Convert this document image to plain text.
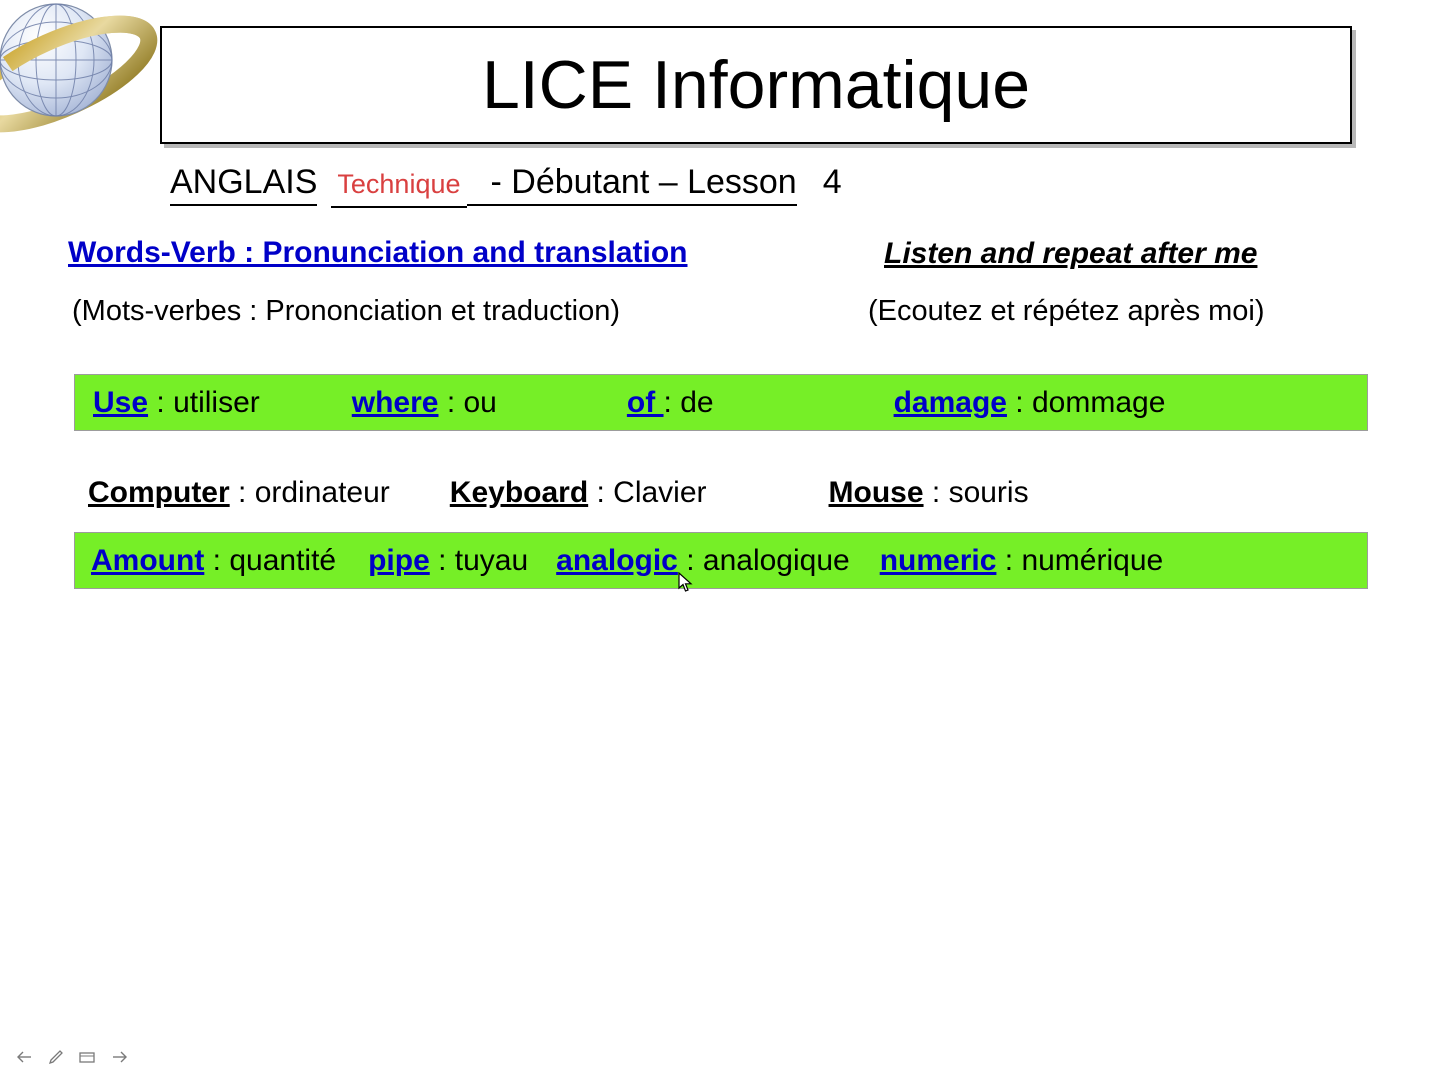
LICE Informatique
ANGLAIS Technique - Débutant – Lesson 4
Words-Verb : Pronunciation and translation	Listen and repeat after me
(Mots-verbes : Prononciation et traduction)	(Ecoutez et répétez après moi)
Use : utiliser	where : ou	of : de	damage : dommage
Computer : ordinateur Keyboard : Clavier	Mouse : souris
Amount : quantité pipe : tuyau analogic : analogique numeric : numérique
